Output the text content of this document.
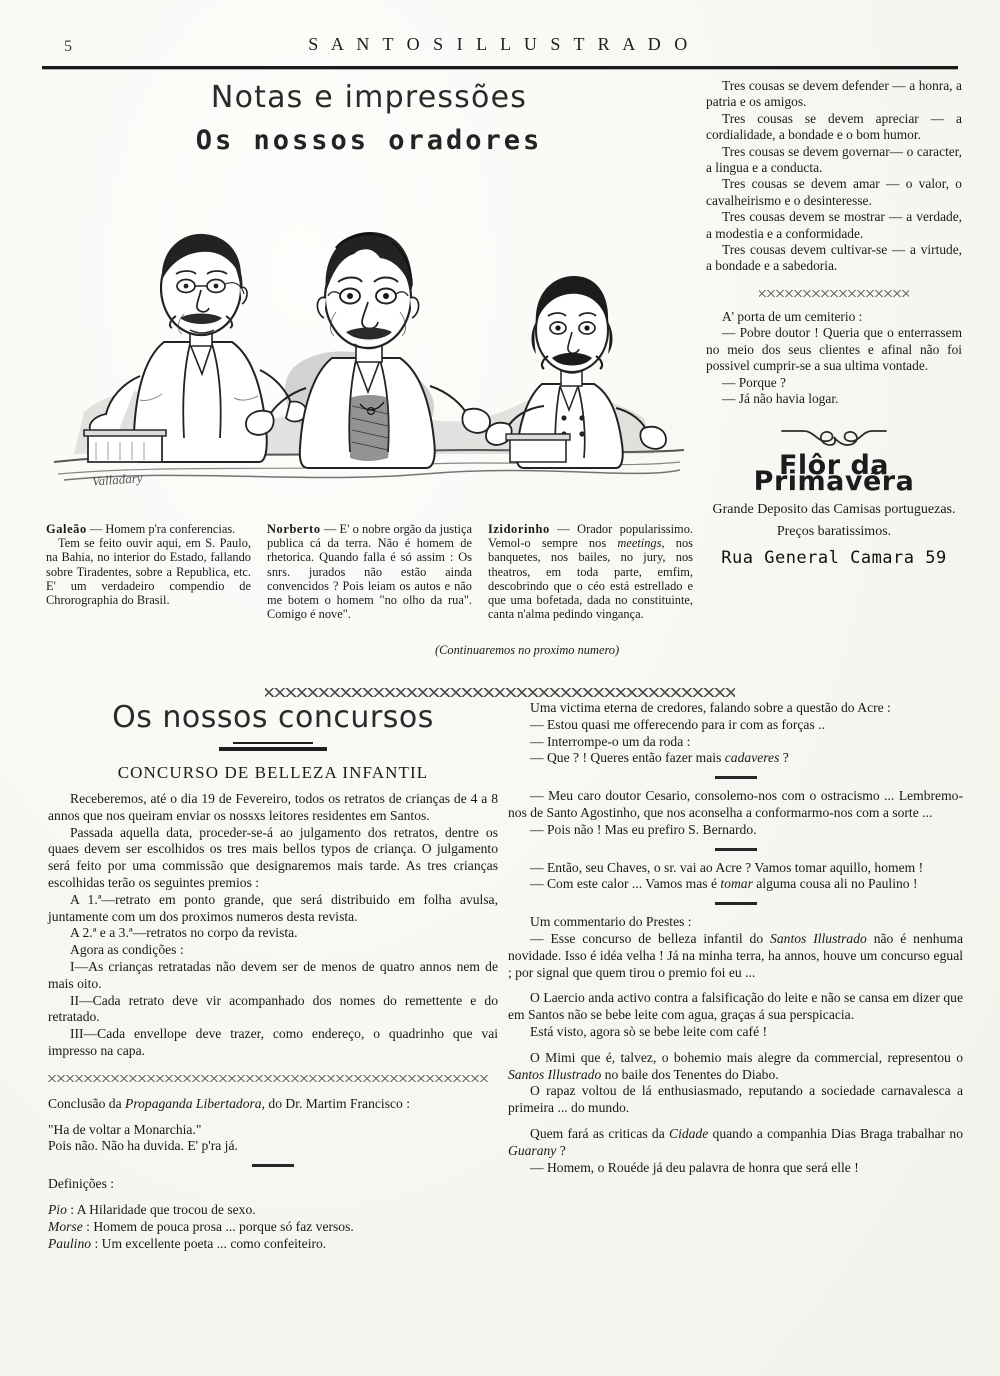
5	S A N T O S I L L U S T R A D O
Notas e impressões
Os nossos oradores
Valladary

Galeão — Homem p'ra conferencias.

Tem se feito ouvir aqui, em S. Paulo, na Bahia, no interior do Estado, fallando sobre Tiradentes, sobre a Republica, etc. E' um verdadeiro compendio de Chrorographia do Brasil.

Norberto — E' o nobre orgão da justiça publica cá da terra. Não é homem de rhetorica. Quando falla é só assim : Os snrs. jurados não estão ainda convencidos ? Pois leiam os autos e não me botem o homem "no olho da rua". Comigo é nove".

Izidorinho — Orador popularissimo. Vemol-o sempre nos meetings, nos banquetes, nos bailes, no jury, nos theatros, em toda parte, emfim, descobrindo que o céo está estrellado e que uma bofetada, dada no constituinte, canta n'alma pedindo vingança.

(Continuaremos no proximo numero)

Tres cousas se devem defender — a honra, a patria e os amigos.

Tres cousas se devem apreciar — a cordialidade, a bondade e o bom humor.

Tres cousas se devem governar— o caracter, a lingua e a conducta.

Tres cousas se devem amar — o valor, o cavalheirismo e o desinteresse.

Tres cousas devem se mostrar — a verdade, a modestia e a conformidade.

Tres cousas devem cultivar-se — a virtude, a bondade e a sabedoria.

A' porta de um cemiterio :

— Pobre doutor ! Queria que o enterrassem no meio dos seus clientes e afinal não foi possivel cumprir-se a sua ultima vontade.

— Porque ?

— Já não havia logar.

Flôr da Primavéra
Grande Deposito das Camisas portuguezas. Preços baratissimos.
Rua General Camara 59
Os nossos concursos
CONCURSO DE BELLEZA INFANTIL

Receberemos, até o dia 19 de Fevereiro, todos os retratos de crianças de 4 a 8 annos que nos queiram enviar os nossxs leitores residentes em Santos.

Passada aquella data, proceder-se-á ao julgamento dos retratos, dentre os quaes devem ser escolhidos os tres mais bellos typos de criança. O julgamento será feito por uma commissão que designaremos mais tarde. As tres crianças escolhidas terão os seguintes premios :

A 1.ª—retrato em ponto grande, que será distribuido em folha avulsa, juntamente com um dos proximos numeros desta revista.

A 2.ª e a 3.ª—retratos no corpo da revista.

Agora as condições :

I—As crianças retratadas não devem ser de menos de quatro annos nem de mais oito.

II—Cada retrato deve vir acompanhado dos nomes do remettente e do retratado.

III—Cada envellope deve trazer, como endereço, o quadrinho que vai impresso na capa.

Conclusão da Propaganda Libertadora, do Dr. Martim Francisco :

"Ha de voltar a Monarchia."

Pois não. Não ha duvida. E' p'ra já.

Definições :

Pio : A Hilaridade que trocou de sexo.

Morse : Homem de pouca prosa ... porque só faz versos.

Paulino : Um excellente poeta ... como confeiteiro.

Uma victima eterna de credores, falando sobre a questão do Acre :

— Estou quasi me offerecendo para ir com as forças ..

— Interrompe-o um da roda :

— Que ? ! Queres então fazer mais cadaveres ?

— Meu caro doutor Cesario, consolemo-nos com o ostracismo ... Lembremo-nos de Santo Agostinho, que nos aconselha a conformarmo-nos com a sorte ...

— Pois não ! Mas eu prefiro S. Bernardo.

— Então, seu Chaves, o sr. vai ao Acre ? Vamos tomar aquillo, homem !

— Com este calor ... Vamos mas é tomar alguma cousa ali no Paulino !

Um commentario do Prestes :

— Esse concurso de belleza infantil do Santos Illustrado não é nenhuma novidade. Isso é idéa velha ! Já na minha terra, ha annos, houve um concurso egual ; por signal que quem tirou o premio foi eu ...

O Laercio anda activo contra a falsificação do leite e não se cansa em dizer que em Santos não se bebe leite com agua, graças á sua perspicacia.

Está visto, agora sò se bebe leite com café !

O Mimi que é, talvez, o bohemio mais alegre da commercial, representou o Santos Illustrado no baile dos Tenentes do Diabo.

O rapaz voltou de lá enthusiasmado, reputando a sociedade carnavalesca a primeira ... do mundo.

Quem fará as criticas da Cidade quando a companhia Dias Braga trabalhar no Guarany ?

— Homem, o Rouéde já deu palavra de honra que será elle !
